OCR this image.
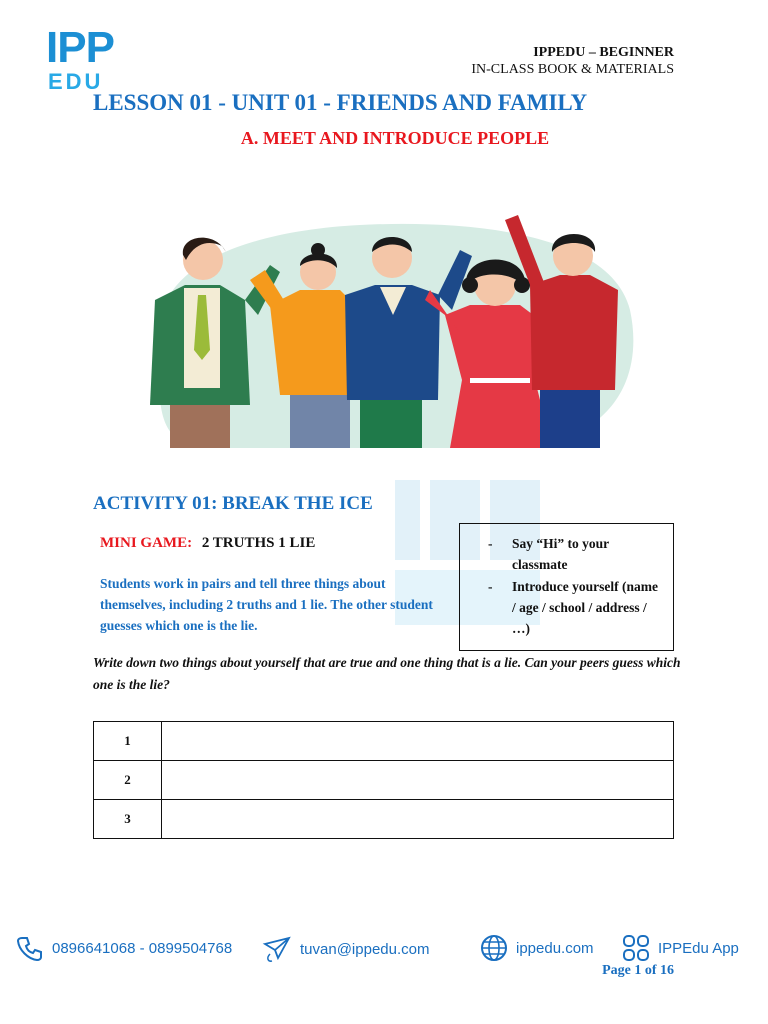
IPP
EDU
IPPEDU – BEGINNER
IN-CLASS BOOK & MATERIALS
LESSON 01 - UNIT 01 - FRIENDS AND FAMILY
A. MEET AND INTRODUCE PEOPLE
ACTIVITY 01: BREAK THE ICE
MINI GAME: 2 TRUTHS 1 LIE
Students work in pairs and tell three things about themselves, including 2 truths and 1 lie. The other student guesses which one is the lie.
- Say “Hi” to your classmate
- Introduce yourself (name / age / school / address / …)
Write down two things about yourself that are true and one thing that is a lie. Can your peers guess which one is the lie?
1	
2	
3	
0896641068 - 0899504768	tuvan@ippedu.com	ippedu.com	IPPEdu App
Page 1 of 16
